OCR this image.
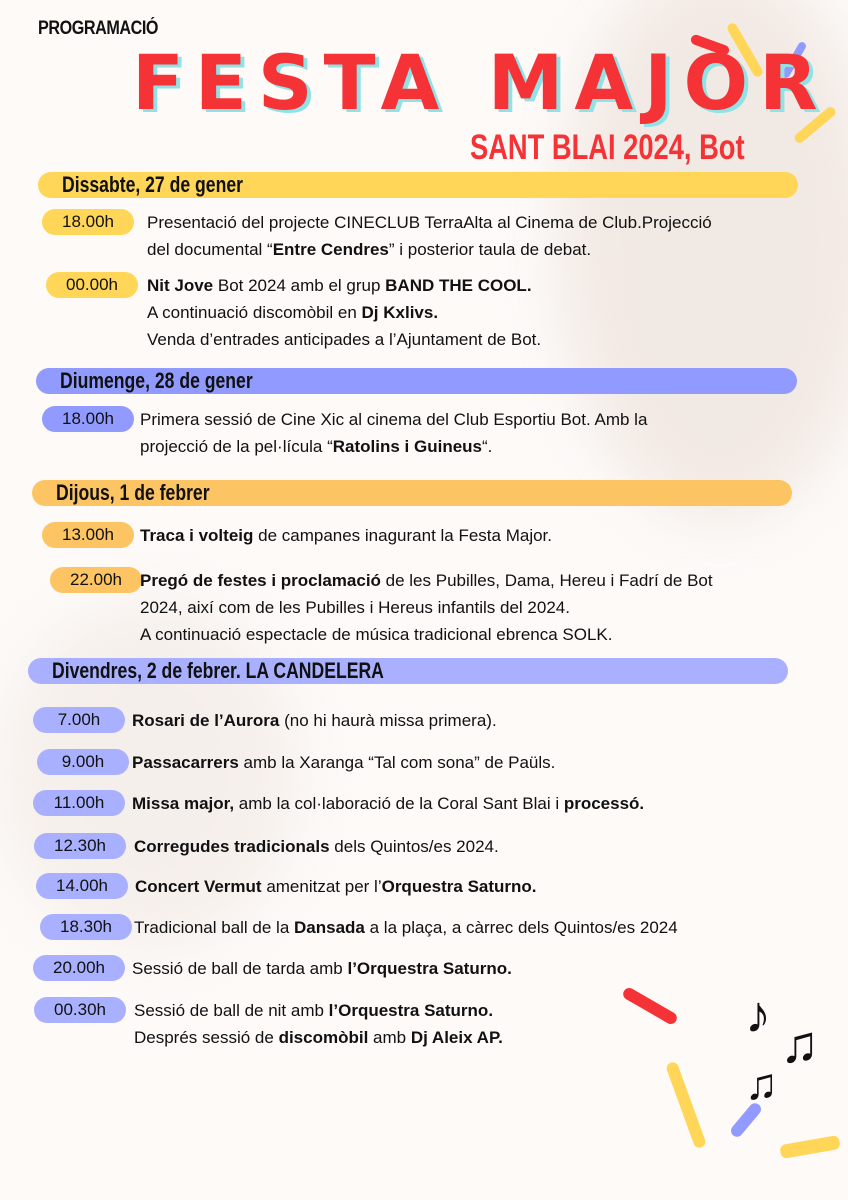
♪
♫
♫
PROGRAMACIÓ
FESTA MAJOR
SANT BLAI 2024, Bot
Dissabte, 27 de gener
18.00h	Presentació del projecte CINECLUB TerraAlta al Cinema de Club.Projecció
del documental “Entre Cendres” i posterior taula de debat.
00.00h	Nit Jove Bot 2024 amb el grup BAND THE COOL.
A continuació discomòbil en Dj Kxlivs.
Venda d’entrades anticipades a l’Ajuntament de Bot.
Diumenge, 28 de gener
18.00h	Primera sessió de Cine Xic al cinema del Club Esportiu Bot. Amb la
projecció de la pel·lícula “Ratolins i Guineus“.
Dijous, 1 de febrer
13.00h	Traca i volteig de campanes inagurant la Festa Major.
22.00h	Pregó de festes i proclamació de les Pubilles, Dama, Hereu i Fadrí de Bot
2024, així com de les Pubilles i Hereus infantils del 2024.
A continuació espectacle de música tradicional ebrenca SOLK.
Divendres, 2 de febrer. LA CANDELERA
7.00h	Rosari de l’Aurora (no hi haurà missa primera).
9.00h	Passacarrers amb la Xaranga “Tal com sona” de Paüls.
11.00h	Missa major, amb la col·laboració de la Coral Sant Blai i processó.
12.30h	Corregudes tradicionals dels Quintos/es 2024.
14.00h	Concert Vermut amenitzat per l’Orquestra Saturno.
18.30h	Tradicional ball de la Dansada a la plaça, a càrrec dels Quintos/es 2024
20.00h	Sessió de ball de tarda amb l’Orquestra Saturno.
00.30h	Sessió de ball de nit amb l’Orquestra Saturno.
Després sessió de discomòbil amb Dj Aleix AP.
